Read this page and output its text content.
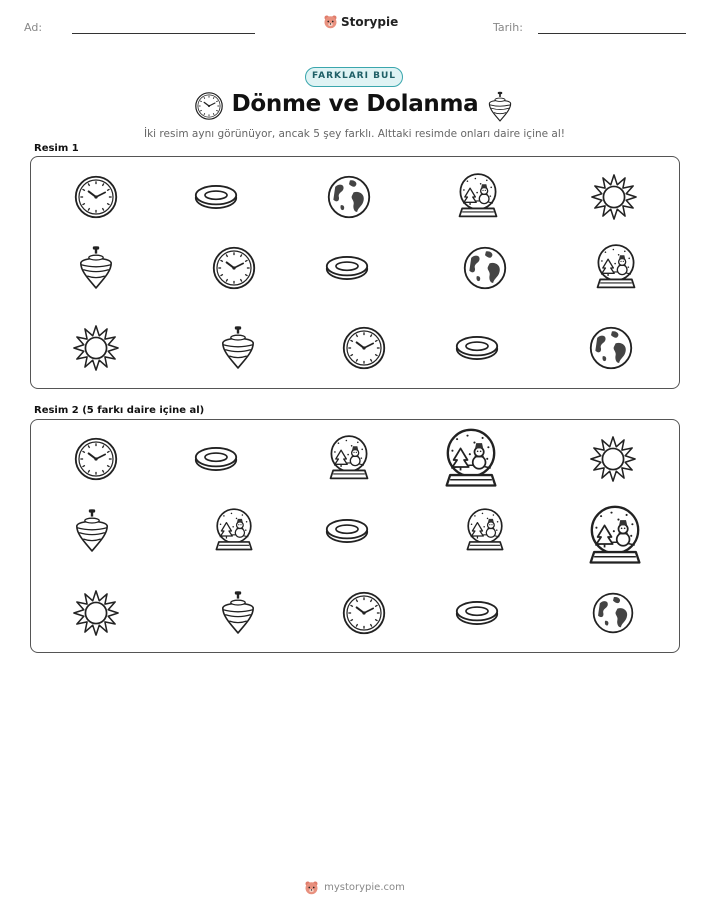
Ad:	Storypie	Tarih:
FARKLARI BUL
Dönme ve Dolanma
İki resim aynı görünüyor, ancak 5 şey farklı. Alttaki resimde onları daire içine al!
Resim 1
Resim 2 (5 farkı daire içine al)
mystorypie.com
